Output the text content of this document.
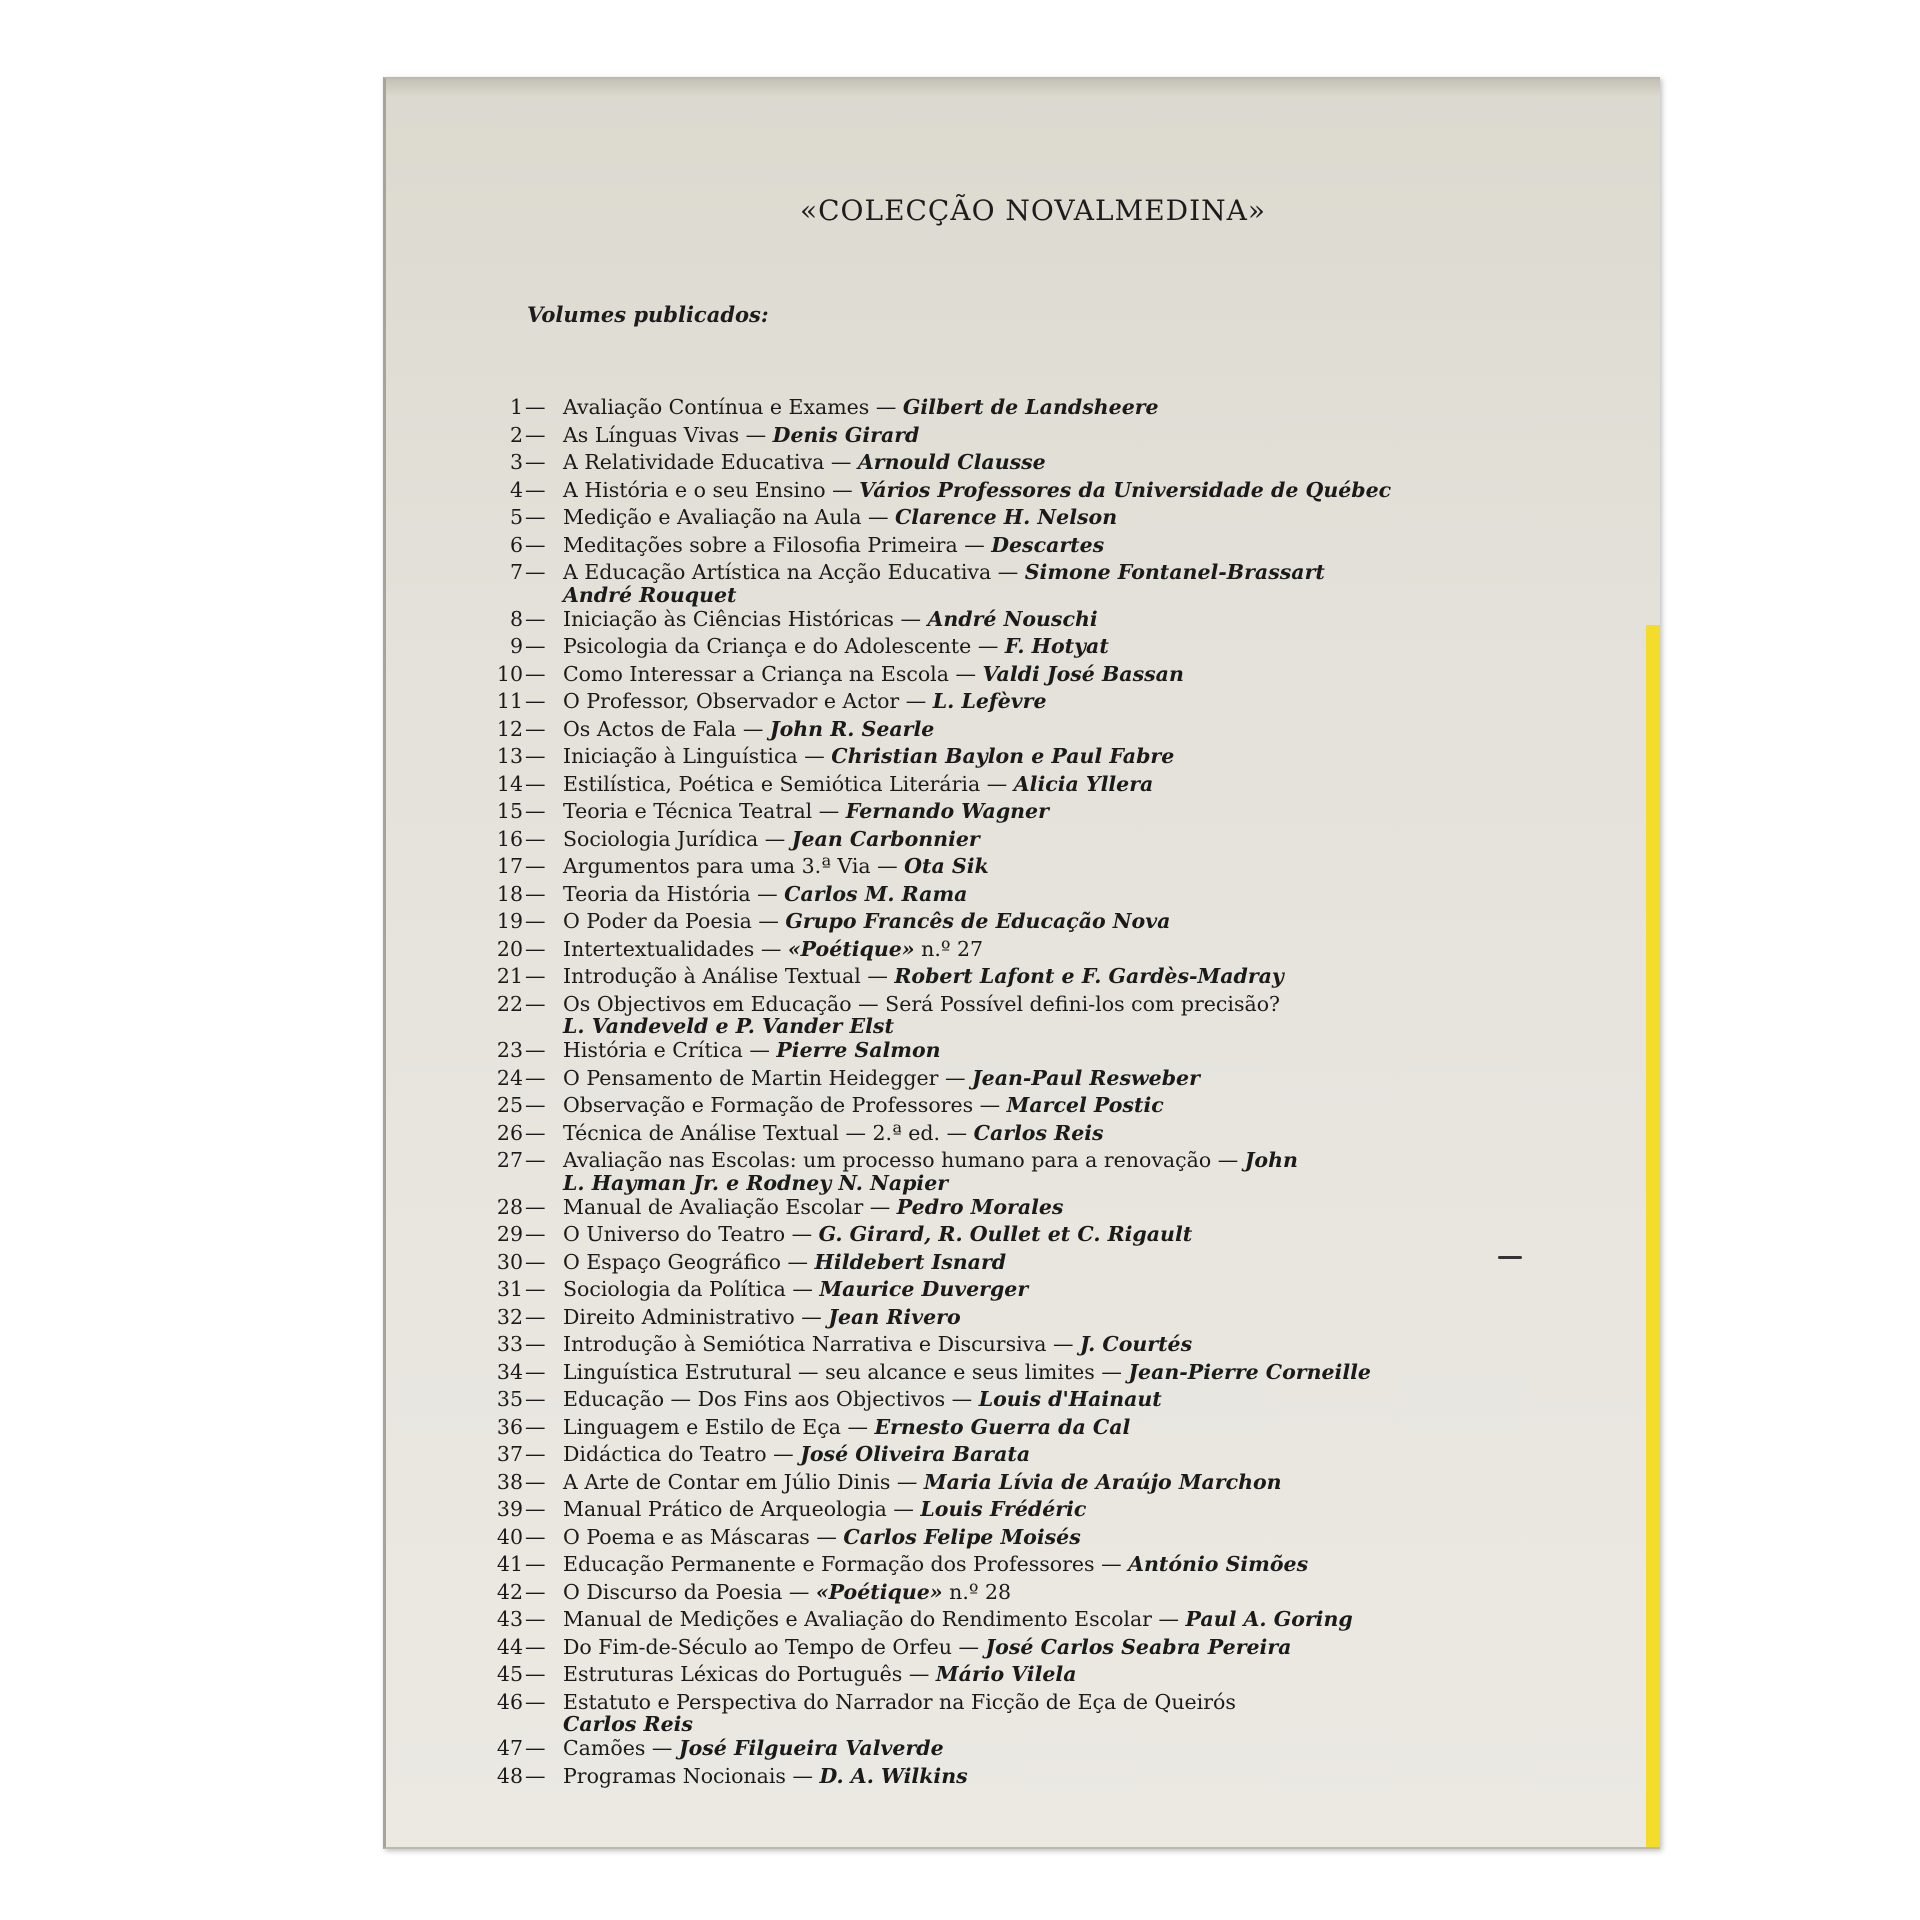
«COLECÇÃO NOVALMEDINA»
Volumes publicados:
1 — Avaliação Contínua e Exames — Gilbert de Landsheere
2 — As Línguas Vivas — Denis Girard
3 — A Relatividade Educativa — Arnould Clausse
4 — A História e o seu Ensino — Vários Professores da Universidade de Québec
5 — Medição e Avaliação na Aula — Clarence H. Nelson
6 — Meditações sobre a Filosofia Primeira — Descartes
7 — A Educação Artística na Acção Educativa — Simone Fontanel-Brassart
André Rouquet
8 — Iniciação às Ciências Históricas — André Nouschi
9 — Psicologia da Criança e do Adolescente — F. Hotyat
10 — Como Interessar a Criança na Escola — Valdi José Bassan
11 — O Professor, Observador e Actor — L. Lefèvre
12 — Os Actos de Fala — John R. Searle
13 — Iniciação à Linguística — Christian Baylon e Paul Fabre
14 — Estilística, Poética e Semiótica Literária — Alicia Yllera
15 — Teoria e Técnica Teatral — Fernando Wagner
16 — Sociologia Jurídica — Jean Carbonnier
17 — Argumentos para uma 3.ª Via — Ota Sik
18 — Teoria da História — Carlos M. Rama
19 — O Poder da Poesia — Grupo Francês de Educação Nova
20 — Intertextualidades — «Poétique» n.º 27
21 — Introdução à Análise Textual — Robert Lafont e F. Gardès-Madray
22 — Os Objectivos em Educação — Será Possível defini-los com precisão?
L. Vandeveld e P. Vander Elst
23 — História e Crítica — Pierre Salmon
24 — O Pensamento de Martin Heidegger — Jean-Paul Resweber
25 — Observação e Formação de Professores — Marcel Postic
26 — Técnica de Análise Textual — 2.ª ed. — Carlos Reis
27 — Avaliação nas Escolas: um processo humano para a renovação — John
L. Hayman Jr. e Rodney N. Napier
28 — Manual de Avaliação Escolar — Pedro Morales
29 — O Universo do Teatro — G. Girard, R. Oullet et C. Rigault
30 — O Espaço Geográfico — Hildebert Isnard
31 — Sociologia da Política — Maurice Duverger
32 — Direito Administrativo — Jean Rivero
33 — Introdução à Semiótica Narrativa e Discursiva — J. Courtés
34 — Linguística Estrutural — seu alcance e seus limites — Jean-Pierre Corneille
35 — Educação — Dos Fins aos Objectivos — Louis d'Hainaut
36 — Linguagem e Estilo de Eça — Ernesto Guerra da Cal
37 — Didáctica do Teatro — José Oliveira Barata
38 — A Arte de Contar em Júlio Dinis — Maria Lívia de Araújo Marchon
39 — Manual Prático de Arqueologia — Louis Frédéric
40 — O Poema e as Máscaras — Carlos Felipe Moisés
41 — Educação Permanente e Formação dos Professores — António Simões
42 — O Discurso da Poesia — «Poétique» n.º 28
43 — Manual de Medições e Avaliação do Rendimento Escolar — Paul A. Goring
44 — Do Fim-de-Século ao Tempo de Orfeu — José Carlos Seabra Pereira
45 — Estruturas Léxicas do Português — Mário Vilela
46 — Estatuto e Perspectiva do Narrador na Ficção de Eça de Queirós
Carlos Reis
47 — Camões — José Filgueira Valverde
48 — Programas Nocionais — D. A. Wilkins
